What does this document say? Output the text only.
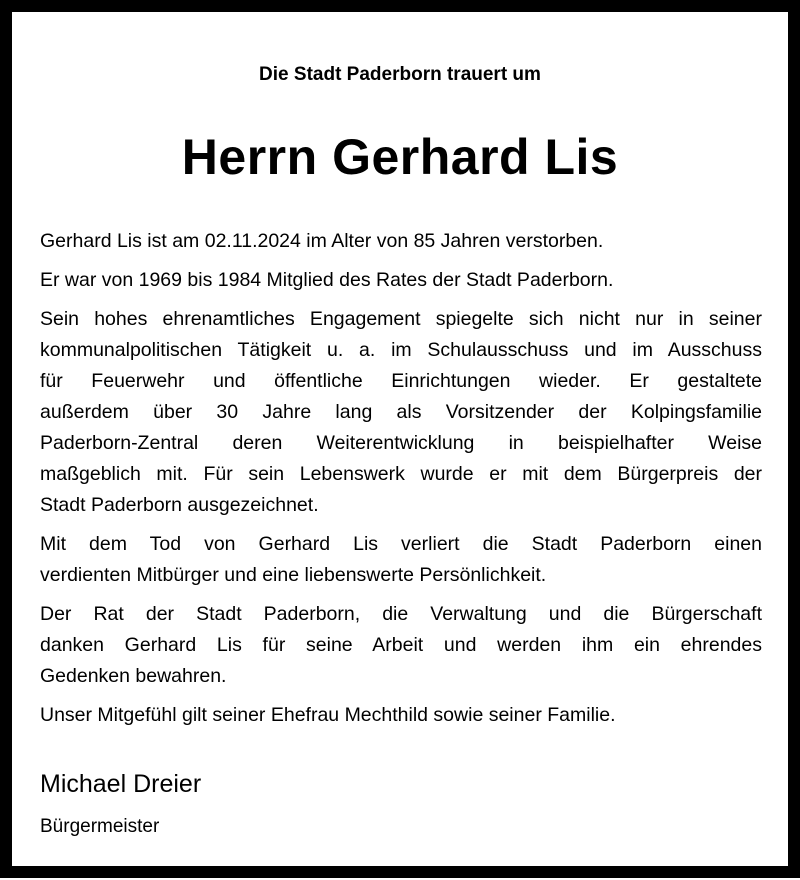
Die Stadt Paderborn trauert um
Herrn Gerhard Lis
Gerhard Lis ist am 02.11.2024 im Alter von 85 Jahren verstorben.
Er war von 1969 bis 1984 Mitglied des Rates der Stadt Paderborn.
Sein hohes ehrenamtliches Engagement spiegelte sich nicht nur in seiner
kommunalpolitischen Tätigkeit u. a. im Schulausschuss und im Ausschuss
für Feuerwehr und öffentliche Einrichtungen wieder. Er gestaltete
außerdem über 30 Jahre lang als Vorsitzender der Kolpingsfamilie
Paderborn-Zentral deren Weiterentwicklung in beispielhafter Weise
maßgeblich mit. Für sein Lebenswerk wurde er mit dem Bürgerpreis der
Stadt Paderborn ausgezeichnet.
Mit dem Tod von Gerhard Lis verliert die Stadt Paderborn einen
verdienten Mitbürger und eine liebenswerte Persönlichkeit.
Der Rat der Stadt Paderborn, die Verwaltung und die Bürgerschaft
danken Gerhard Lis für seine Arbeit und werden ihm ein ehrendes
Gedenken bewahren.
Unser Mitgefühl gilt seiner Ehefrau Mechthild sowie seiner Familie.
Michael Dreier
Bürgermeister
